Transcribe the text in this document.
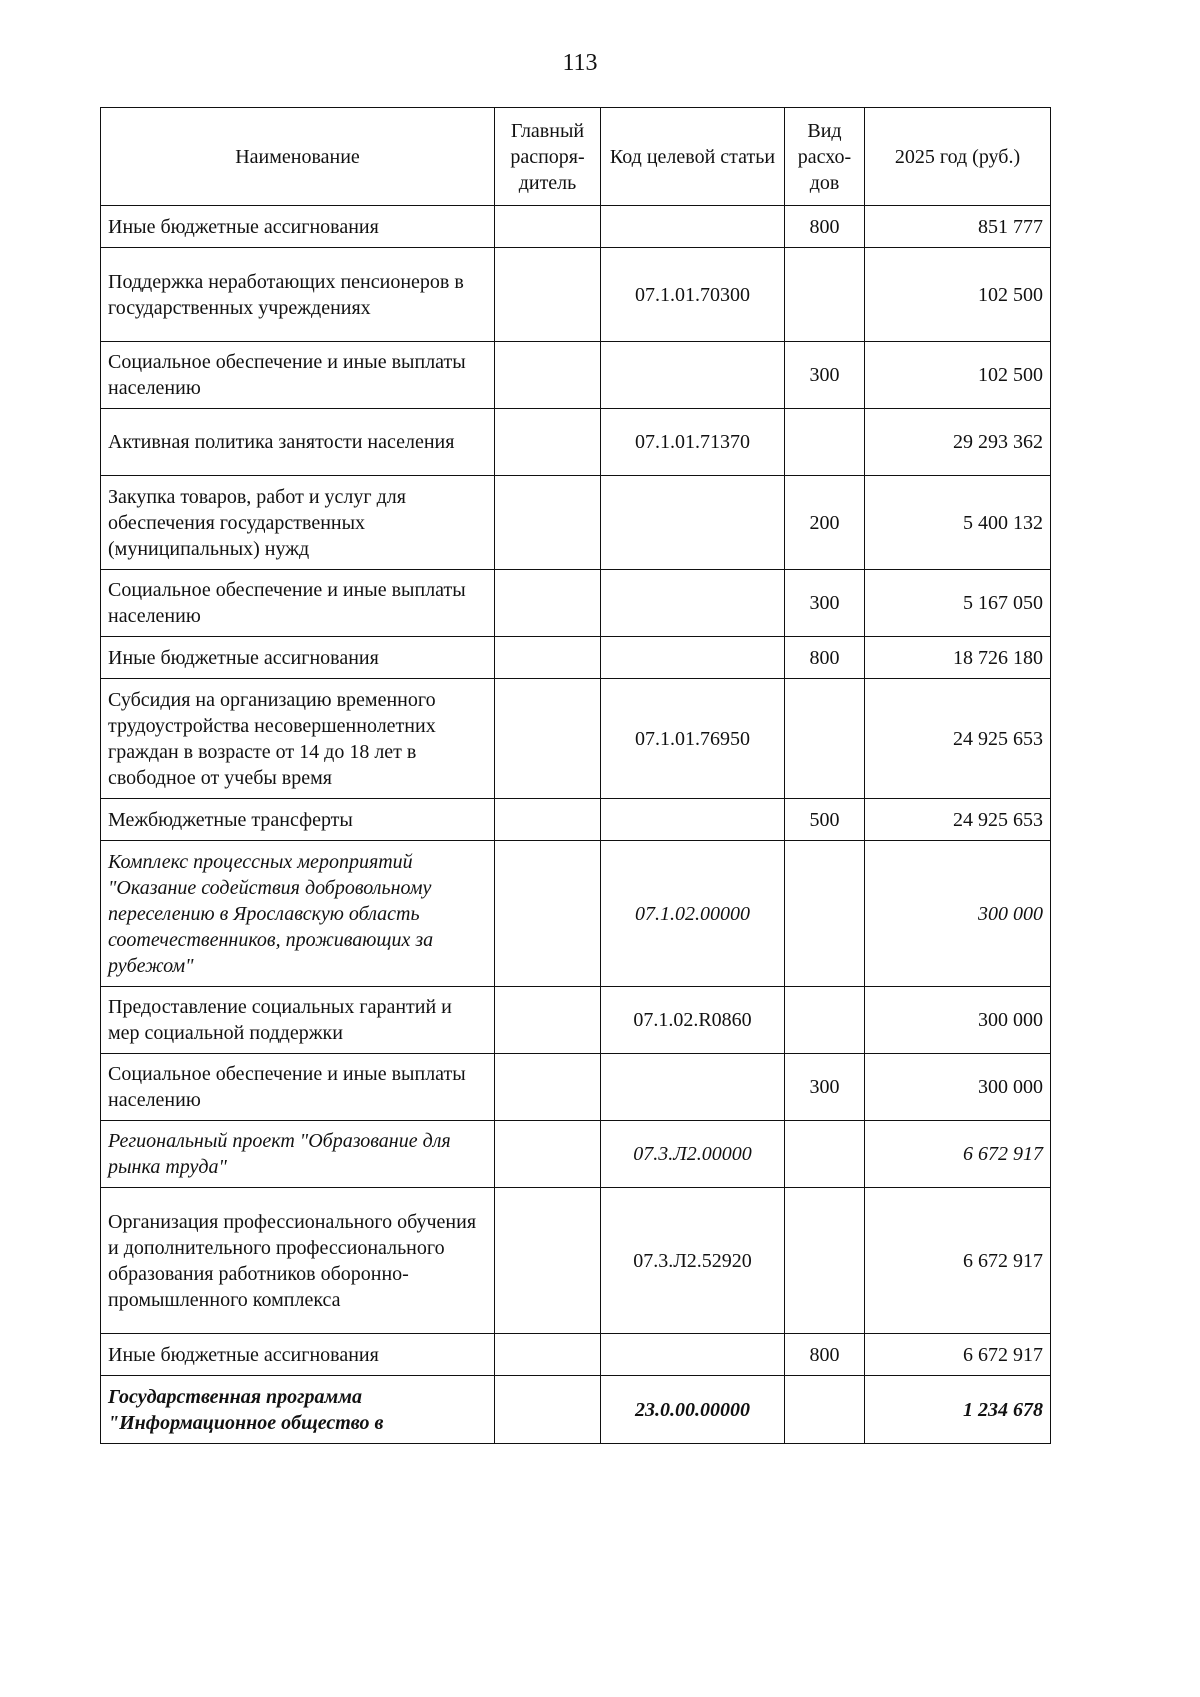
113
Наименование	Главный распоря- дитель	Код целевой статьи	Вид расхо- дов	2025 год (руб.)
Иные бюджетные ассигнования			800	851 777
Поддержка неработающих пенсионеров в государственных учреждениях		07.1.01.70300		102 500
Социальное обеспечение и иные выплаты населению			300	102 500
Активная политика занятости населения		07.1.01.71370		29 293 362
Закупка товаров, работ и услуг для обеспечения государственных (муниципальных) нужд			200	5 400 132
Социальное обеспечение и иные выплаты населению			300	5 167 050
Иные бюджетные ассигнования			800	18 726 180
Субсидия на организацию временного трудоустройства несовершеннолетних граждан в возрасте от 14 до 18 лет в свободное от учебы время		07.1.01.76950		24 925 653
Межбюджетные трансферты			500	24 925 653
Комплекс процессных мероприятий "Оказание содействия добровольному переселению в Ярославскую область соотечественников, проживающих за рубежом"		07.1.02.00000		300 000
Предоставление социальных гарантий и мер социальной поддержки		07.1.02.R0860		300 000
Социальное обеспечение и иные выплаты населению			300	300 000
Региональный проект "Образование для рынка труда"		07.3.Л2.00000		6 672 917
Организация профессионального обучения и дополнительного профессионального образования работников оборонно-промышленного комплекса		07.3.Л2.52920		6 672 917
Иные бюджетные ассигнования			800	6 672 917
Государственная программа "Информационное общество в		23.0.00.00000		1 234 678
